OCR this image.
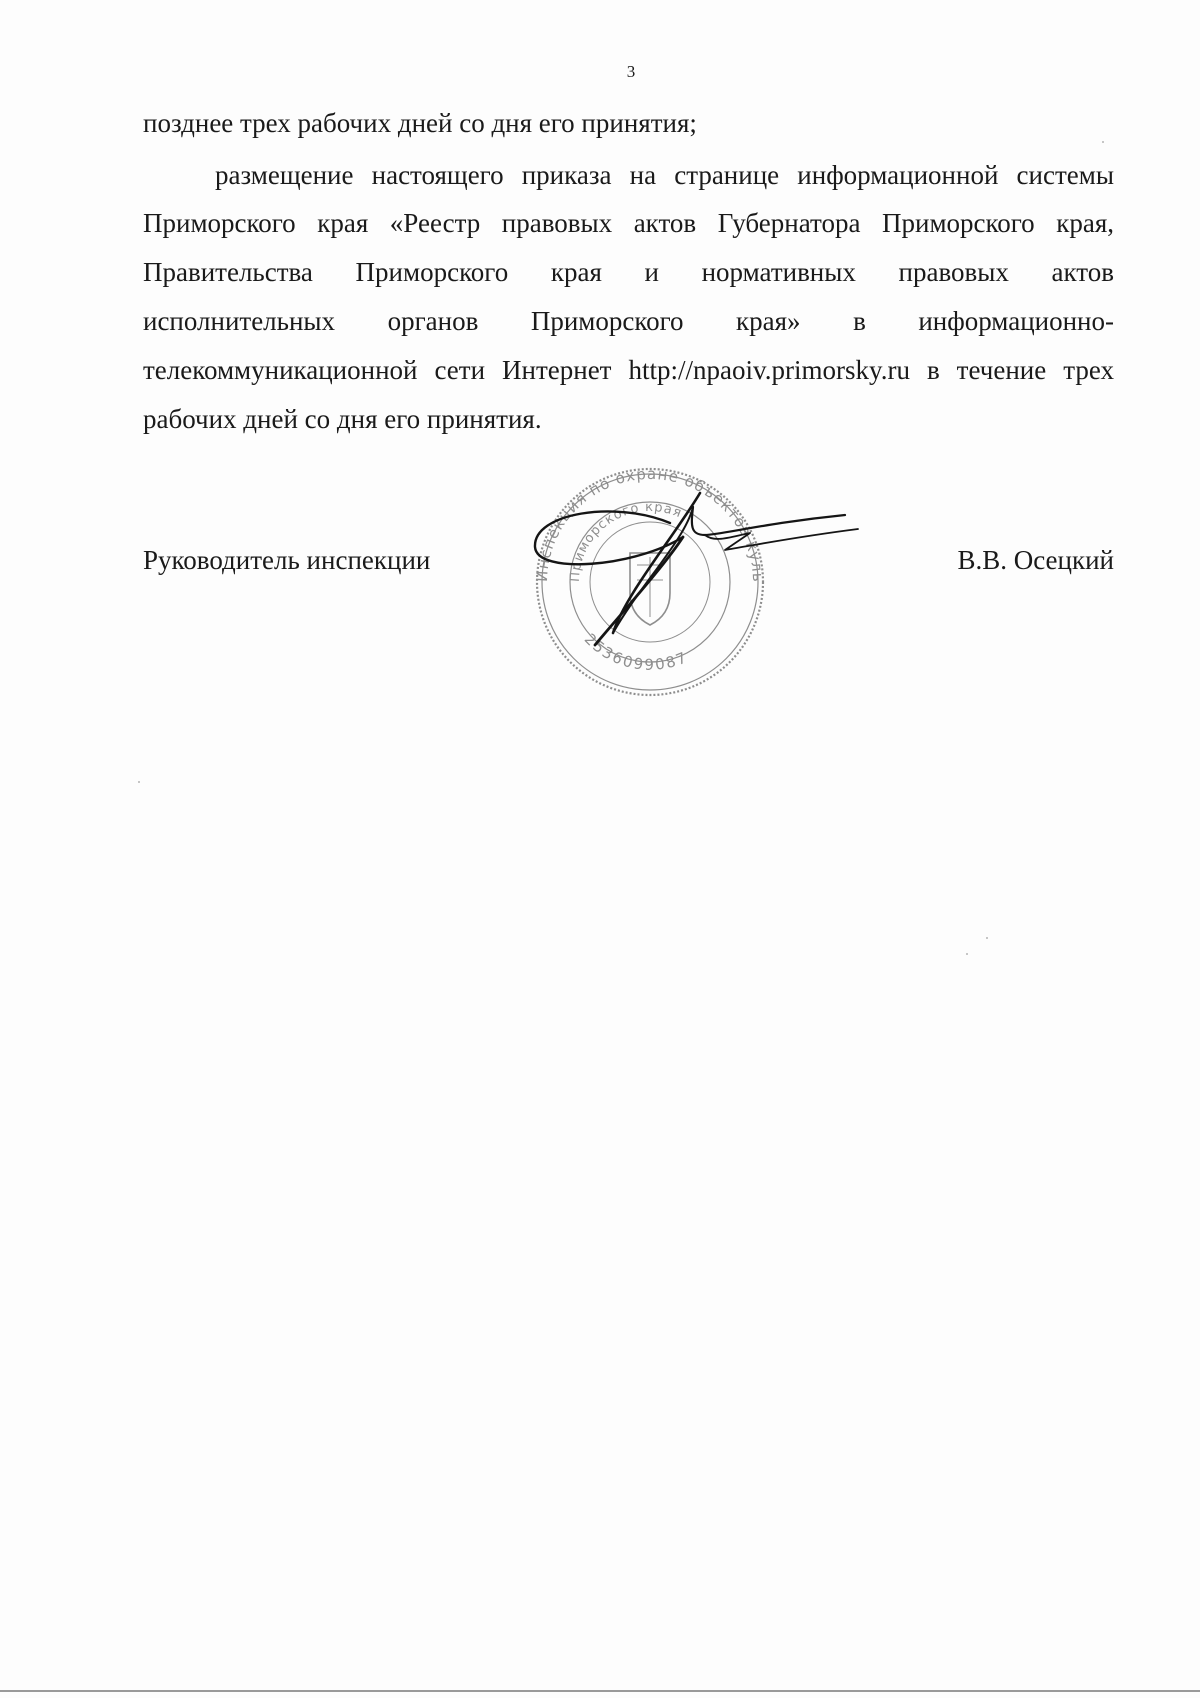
3
позднее трех рабочих дней со дня его принятия;
размещение настоящего приказа на странице информационной системы
Приморского края «Реестр правовых актов Губернатора Приморского края,
Правительства Приморского края и нормативных правовых актов
исполнительных органов Приморского края» в информационно-
телекоммуникационной сети Интернет http://npaoiv.primorsky.ru в течение трех
рабочих дней со дня его принятия.
Руководитель инспекции	В.В. Осецкий
Инспекция по охране объектов куль
Приморского края
2536099087
